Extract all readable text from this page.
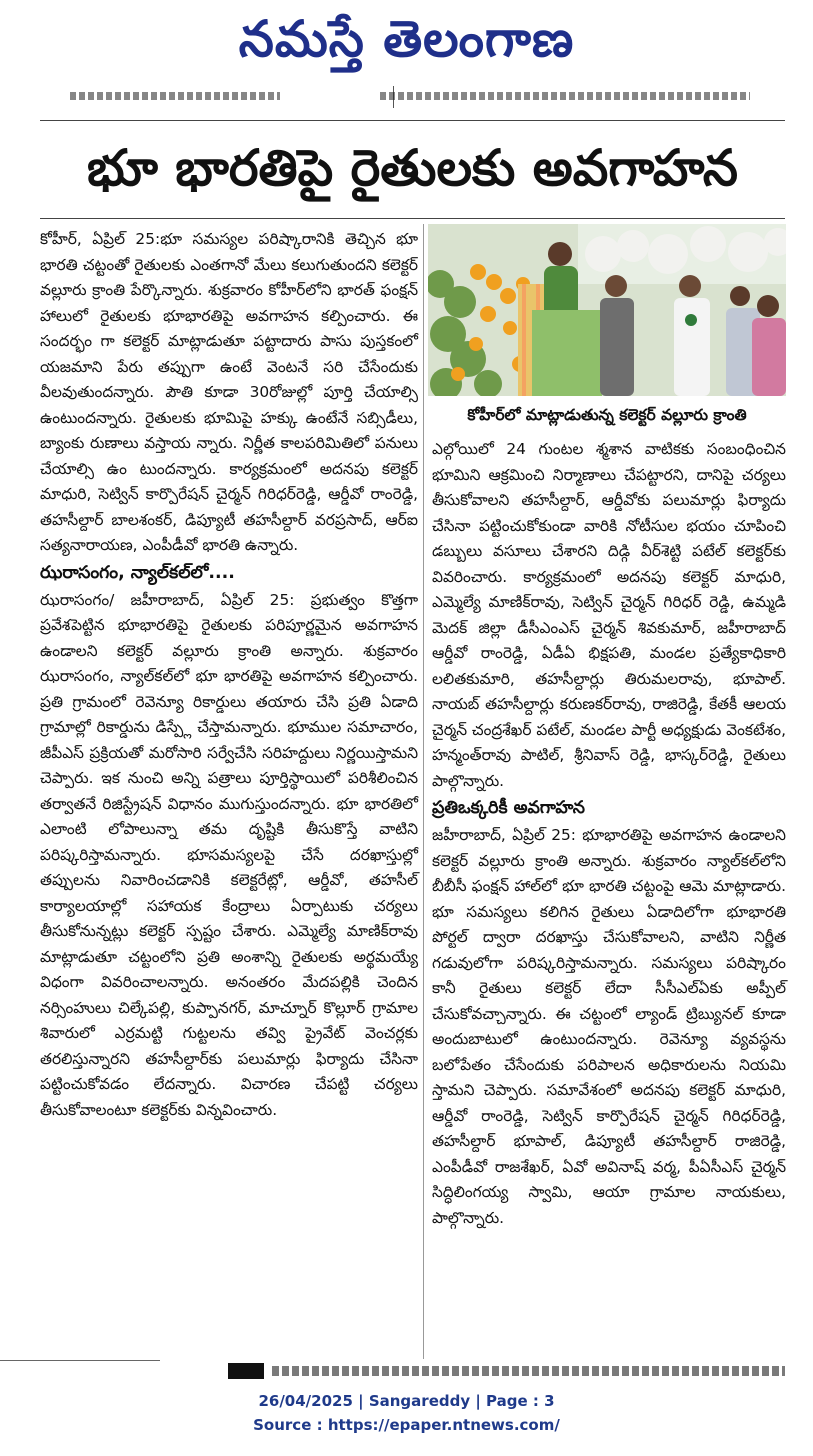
నమస్తే తెలంగాణ
భూ భారతిపై రైతులకు అవగాహన

కోహీర్, ఏప్రిల్ 25:భూ సమస్యల పరిష్కారానికి తెచ్చిన భూ భారతి చట్టంతో రైతులకు ఎంతగానో మేలు కలుగుతుందని కలెక్టర్ వల్లూరు క్రాంతి పేర్కొన్నారు. శుక్రవారం కోహీర్‌లోని భారత్ ఫంక్షన్ హాలులో రైతులకు భూభారతిపై అవగాహన కల్పించారు. ఈ సందర్భం గా కలెక్టర్ మాట్లాడుతూ పట్టాదారు పాసు పుస్తకంలో యజమాని పేరు తప్పుగా ఉంటే వెంటనే సరి చేసేందుకు వీలవుతుందన్నారు. పౌతి కూడా 30రోజుల్లో పూర్తి చేయాల్సి ఉంటుందన్నారు. రైతులకు భూమిపై హక్కు ఉంటేనే సబ్సిడీలు, బ్యాంకు రుణాలు వస్తాయ న్నారు. నిర్ణీత కాలపరిమితిలో పనులు చేయాల్సి ఉం టుందన్నారు. కార్యక్రమంలో అదనపు కలెక్టర్ మాధురి, సెట్విన్ కార్పొరేషన్ చైర్మన్ గిరిధర్‌రెడ్డి, ఆర్డీవో రాంరెడ్డి, తహసీల్దార్ బాలశంకర్, డిప్యూటీ తహసీల్దార్ వరప్రసాద్, ఆర్ఐ సత్యనారాయణ, ఎంపీడీవో భారతి ఉన్నారు.

ఝరాసంగం, న్యాల్‌కల్‌లో....

ఝరాసంగం/ జహీరాబాద్, ఏప్రిల్ 25: ప్రభుత్వం కొత్తగా ప్రవేశపెట్టిన భూభారతిపై రైతులకు పరిపూర్ణమైన అవగాహన ఉండాలని కలెక్టర్ వల్లూరు క్రాంతి అన్నారు. శుక్రవారం ఝరాసంగం, న్యాల్‌కల్‌లో భూ భారతిపై అవగాహన కల్పించారు. ప్రతి గ్రామంలో రెవెన్యూ రికార్డులు తయారు చేసి ప్రతి ఏడాది గ్రామాల్లో రికార్డును డిస్ప్లే చేస్తామన్నారు. భూముల సమాచారం, జీపీఎస్ ప్రక్రియతో మరోసారి సర్వేచేసి సరిహద్దులు నిర్ణయిస్తామని చెప్పారు. ఇక నుంచి అన్ని పత్రాలు పూర్తిస్థాయిలో పరిశీలించిన తర్వాతనే రిజిస్ట్రేషన్ విధానం ముగుస్తుందన్నారు. భూ భారతిలో ఎలాంటి లోపాలున్నా తమ దృష్టికి తీసుకొస్తే వాటిని పరిష్కరిస్తామన్నారు. భూసమస్యలపై చేసే దరఖాస్తుల్లో తప్పులను నివారించడానికి కలెక్టరేట్లో, ఆర్డీవో, తహసీల్ కార్యాలయాల్లో సహాయక కేంద్రాలు ఏర్పాటుకు చర్యలు తీసుకోనున్నట్లు కలెక్టర్ స్పష్టం చేశారు. ఎమ్మెల్యే మాణిక్‌రావు మాట్లాడుతూ చట్టంలోని ప్రతి అంశాన్ని రైతులకు అర్థమయ్యే విధంగా వివరించాలన్నారు. అనంతరం మేదపల్లికి చెందిన నర్సింహులు చిల్కేపల్లి, కుప్పానగర్, మాచ్నూర్ కొల్లూర్ గ్రామాల శివారులో ఎర్రమట్టి గుట్టలను తవ్వి ప్రైవేట్ వెంచర్లకు తరలిస్తున్నారని తహసీల్దార్‌కు పలుమార్లు ఫిర్యాదు చేసినా పట్టించుకోవడం లేదన్నారు. విచారణ చేపట్టి చర్యలు తీసుకోవాలంటూ కలెక్టర్‌కు విన్నవించారు.

కోహీర్‌లో మాట్లాడుతున్న కలెక్టర్ వల్లూరు క్రాంతి

ఎల్గోయిలో 24 గుంటల శ్మశాన వాటికకు సంబంధించిన భూమిని ఆక్రమించి నిర్మాణాలు చేపట్టారని, దానిపై చర్యలు తీసుకోవాలని తహసీల్దార్, ఆర్డీవోకు పలుమార్లు ఫిర్యాదు చేసినా పట్టించుకోకుండా వారికి నోటీసుల భయం చూపించి డబ్బులు వసూలు చేశారని దిడ్గి వీర్‌శెట్టి పటేల్ కలెక్టర్‌కు వివరించారు. కార్యక్రమంలో అదనపు కలెక్టర్ మాధురి, ఎమ్మెల్యే మాణిక్‌రావు, సెట్విన్ చైర్మన్ గిరిధర్ రెడ్డి, ఉమ్మడి మెదక్ జిల్లా డీసీఎంఎస్ చైర్మన్ శివకుమార్, జహీరాబాద్ ఆర్డీవో రాంరెడ్డి, ఏడీఏ భిక్షపతి, మండల ప్రత్యేకాధికారి లలితకుమారి, తహసీల్దార్లు తిరుమలరావు, భూపాల్. నాయబ్ తహసీల్దార్లు కరుణకర్‌రావు, రాజిరెడ్డి, కేతకీ ఆలయ చైర్మన్ చంద్రశేఖర్ పటేల్, మండల పార్టీ అధ్యక్షుడు వెంకటేశం, హన్మంత్‌రావు పాటిల్, శ్రీనివాస్ రెడ్డి, భాస్కర్‌రెడ్డి, రైతులు పాల్గొన్నారు.

ప్రతిఒక్కరికీ అవగాహన

జహీరాబాద్, ఏప్రిల్ 25: భూభారతిపై అవగాహన ఉండాలని కలెక్టర్ వల్లూరు క్రాంతి అన్నారు. శుక్రవారం న్యాల్‌కల్‌లోని బీబీసీ ఫంక్షన్ హాల్‌లో భూ భారతి చట్టంపై ఆమె మాట్లాడారు. భూ సమస్యలు కలిగిన రైతులు ఏడాదిలోగా భూభారతి పోర్టల్ ద్వారా దరఖాస్తు చేసుకోవాలని, వాటిని నిర్ణీత గడువులోగా పరిష్కరిస్తామన్నారు. సమస్యలు పరిష్కారం కానీ రైతులు కలెక్టర్ లేదా సీసీఎల్ఏకు అప్పీల్ చేసుకోవచ్చాన్నారు. ఈ చట్టంలో ల్యాండ్ ట్రిబ్యునల్ కూడా అందుబాటులో ఉంటుందన్నారు. రెవెన్యూ వ్యవస్థను బలోపేతం చేసేందుకు పరిపాలన అధికారులను నియమి స్తామని చెప్పారు. సమావేశంలో అదనపు కలెక్టర్ మాధురి, ఆర్డీవో రాంరెడ్డి, సెట్విన్ కార్పొరేషన్ చైర్మన్ గిరిధర్‌రెడ్డి, తహసీల్దార్ భూపాల్, డిప్యూటీ తహసీల్దార్ రాజిరెడ్డి, ఎంపీడీవో రాజశేఖర్, ఏవో అవినాష్ వర్మ, పీఏసీఎస్ చైర్మన్ సిద్ధిలింగయ్య స్వామి, ఆయా గ్రామాల నాయకులు, పాల్గొన్నారు.

26/04/2025 | Sangareddy | Page : 3
Source : https://epaper.ntnews.com/
